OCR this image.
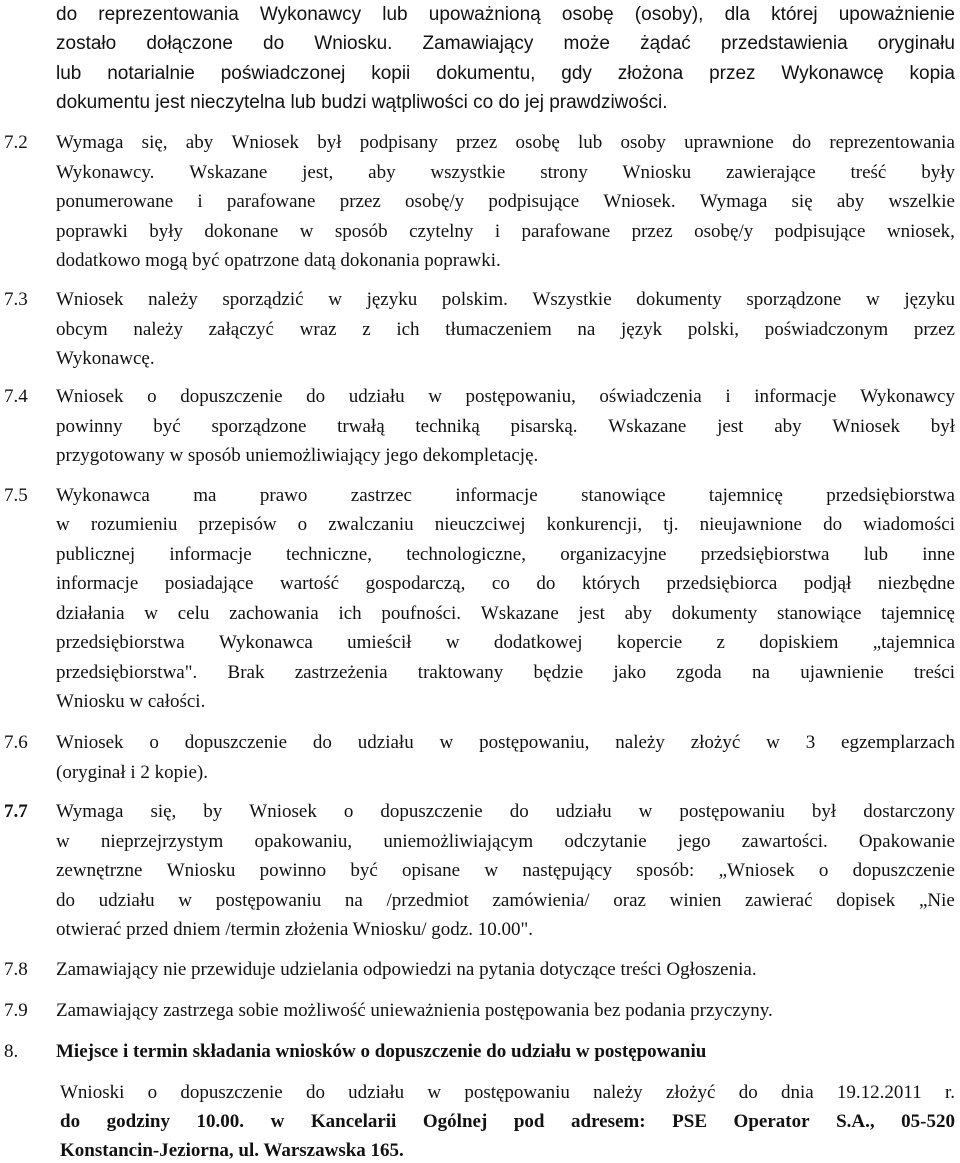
do reprezentowania Wykonawcy lub upoważnioną osobę (osoby), dla której upoważnienie
zostało dołączone do Wniosku. Zamawiający może żądać przedstawienia oryginału
lub notarialnie poświadczonej kopii dokumentu, gdy złożona przez Wykonawcę kopia
dokumentu jest nieczytelna lub budzi wątpliwości co do jej prawdziwości.
7.2 Wymaga się, aby Wniosek był podpisany przez osobę lub osoby uprawnione do reprezentowania
Wykonawcy. Wskazane jest, aby wszystkie strony Wniosku zawierające treść były
ponumerowane i parafowane przez osobę/y podpisujące Wniosek. Wymaga się aby wszelkie
poprawki były dokonane w sposób czytelny i parafowane przez osobę/y podpisujące wniosek,
dodatkowo mogą być opatrzone datą dokonania poprawki.
7.3 Wniosek należy sporządzić w języku polskim. Wszystkie dokumenty sporządzone w języku
obcym należy załączyć wraz z ich tłumaczeniem na język polski, poświadczonym przez
Wykonawcę.
7.4 Wniosek o dopuszczenie do udziału w postępowaniu, oświadczenia i informacje Wykonawcy
powinny być sporządzone trwałą techniką pisarską. Wskazane jest aby Wniosek był
przygotowany w sposób uniemożliwiający jego dekompletację.
7.5 Wykonawca ma prawo zastrzec informacje stanowiące tajemnicę przedsiębiorstwa
w rozumieniu przepisów o zwalczaniu nieuczciwej konkurencji, tj. nieujawnione do wiadomości
publicznej informacje techniczne, technologiczne, organizacyjne przedsiębiorstwa lub inne
informacje posiadające wartość gospodarczą, co do których przedsiębiorca podjął niezbędne
działania w celu zachowania ich poufności. Wskazane jest aby dokumenty stanowiące tajemnicę
przedsiębiorstwa Wykonawca umieścił w dodatkowej kopercie z dopiskiem „tajemnica
przedsiębiorstwa". Brak zastrzeżenia traktowany będzie jako zgoda na ujawnienie treści
Wniosku w całości.
7.6 Wniosek o dopuszczenie do udziału w postępowaniu, należy złożyć w 3 egzemplarzach
(oryginał i 2 kopie).
7.7 Wymaga się, by Wniosek o dopuszczenie do udziału w postępowaniu był dostarczony
w nieprzejrzystym opakowaniu, uniemożliwiającym odczytanie jego zawartości. Opakowanie
zewnętrzne Wniosku powinno być opisane w następujący sposób: „Wniosek o dopuszczenie
do udziału w postępowaniu na /przedmiot zamówienia/ oraz winien zawierać dopisek „Nie
otwierać przed dniem /termin złożenia Wniosku/ godz. 10.00".
7.8 Zamawiający nie przewiduje udzielania odpowiedzi na pytania dotyczące treści Ogłoszenia.
7.9 Zamawiający zastrzega sobie możliwość unieważnienia postępowania bez podania przyczyny.
8. Miejsce i termin składania wniosków o dopuszczenie do udziału w postępowaniu
Wnioski o dopuszczenie do udziału w postępowaniu należy złożyć do dnia 19.12.2011 r.
do godziny 10.00. w Kancelarii Ogólnej pod adresem: PSE Operator S.A., 05-520
Konstancin-Jeziorna, ul. Warszawska 165.
